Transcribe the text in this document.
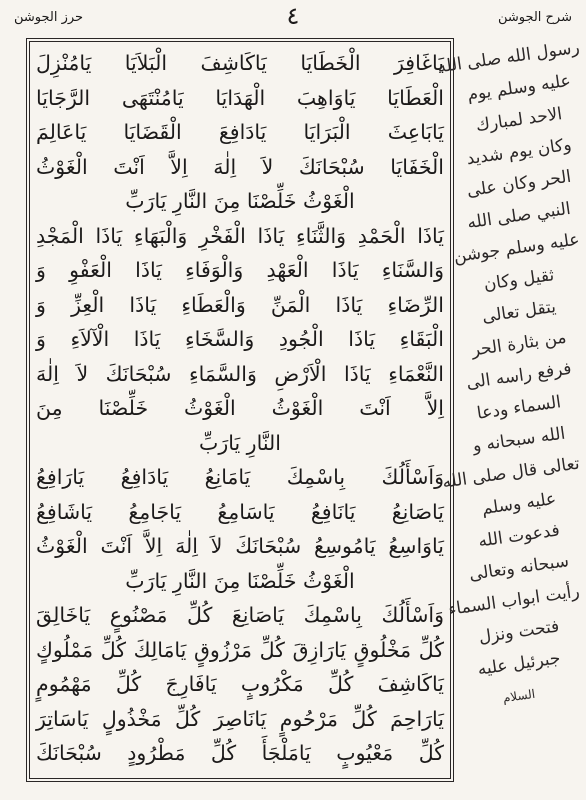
شرح الجوشن
٤
حرز الجوشن
يَاغَافِرَ الْخَطَايَا يَاكَاشِفَ الْبَلاَيَا يَامُنْزِلَ
الْعَطَايَا يَاوَاهِبَ الْهَدَايَا يَامُنْتَهَى الرَّجَايَا
يَابَاعِثَ الْبَرَايَا يَادَافِعَ الْقَضَايَا يَاعَالِمَ
الْخَفَايَا سُبْحَانَكَ لاَ اِلٰهَ اِلاَّ اَنْتَ الْغَوْثُ
الْغَوْثُ خَلِّصْنَا مِنَ النَّارِ يَارَبِّ
يَاذَا الْحَمْدِ وَالثَّنَاءِ يَاذَا الْفَخْرِ وَالْبَهَاءِ يَاذَا الْمَجْدِ
وَالسَّنَاءِ يَاذَا الْعَهْدِ وَالْوَفَاءِ يَاذَا الْعَفْوِ وَ
الرِّضَاءِ يَاذَا الْمَنِّ وَالْعَطَاءِ يَاذَا الْعِزِّ وَ
الْبَقَاءِ يَاذَا الْجُودِ وَالسَّخَاءِ يَاذَا الْآلاَءِ وَ
النَّعْمَاءِ يَاذَا الْاَرْضِ وَالسَّمَاءِ سُبْحَانَكَ لاَ اِلٰهَ
اِلاَّ اَنْتَ الْغَوْثُ الْغَوْثُ خَلِّصْنَا مِنَ
النَّارِ يَارَبِّ
وَاَسْأَلُكَ بِاسْمِكَ يَامَانِعُ يَادَافِعُ يَارَافِعُ
يَاصَانِعُ يَانَافِعُ يَاسَامِعُ يَاجَامِعُ يَاشَافِعُ
يَاوَاسِعُ يَامُوسِعُ سُبْحَانَكَ لاَ اِلٰهَ اِلاَّ اَنْتَ الْغَوْثُ
الْغَوْثُ خَلِّصْنَا مِنَ النَّارِ يَارَبِّ
وَاَسْأَلُكَ بِاسْمِكَ يَاصَانِعَ كُلِّ مَصْنُوعٍ يَاخَالِقَ
كُلِّ مَخْلُوقٍ يَارَازِقَ كُلِّ مَرْزُوقٍ يَامَالِكَ كُلِّ مَمْلُوكٍ
يَاكَاشِفَ كُلِّ مَكْرُوبٍ يَافَارِجَ كُلِّ مَهْمُومٍ
يَارَاحِمَ كُلِّ مَرْحُومٍ يَانَاصِرَ كُلِّ مَخْذُولٍ يَاسَاتِرَ
كُلِّ مَعْيُوبٍ يَامَلْجَأَ كُلِّ مَطْرُودٍ سُبْحَانَكَ
رسول الله صلى الله
عليه وسلم يوم
الاحد لمبارك
وكان يوم شديد
الحر وكان على
النبي صلى الله
عليه وسلم جوشن
ثقيل وكان
يتقل تعالى
من بثارة الحر
فرفع راسه الى
السماء ودعا
الله سبحانه و
تعالى قال صلى الله
عليه وسلم
فدعوت الله
سبحانه وتعالى
رأيت ابواب السماء
فتحت ونزل
جبرئيل عليه
السلام
